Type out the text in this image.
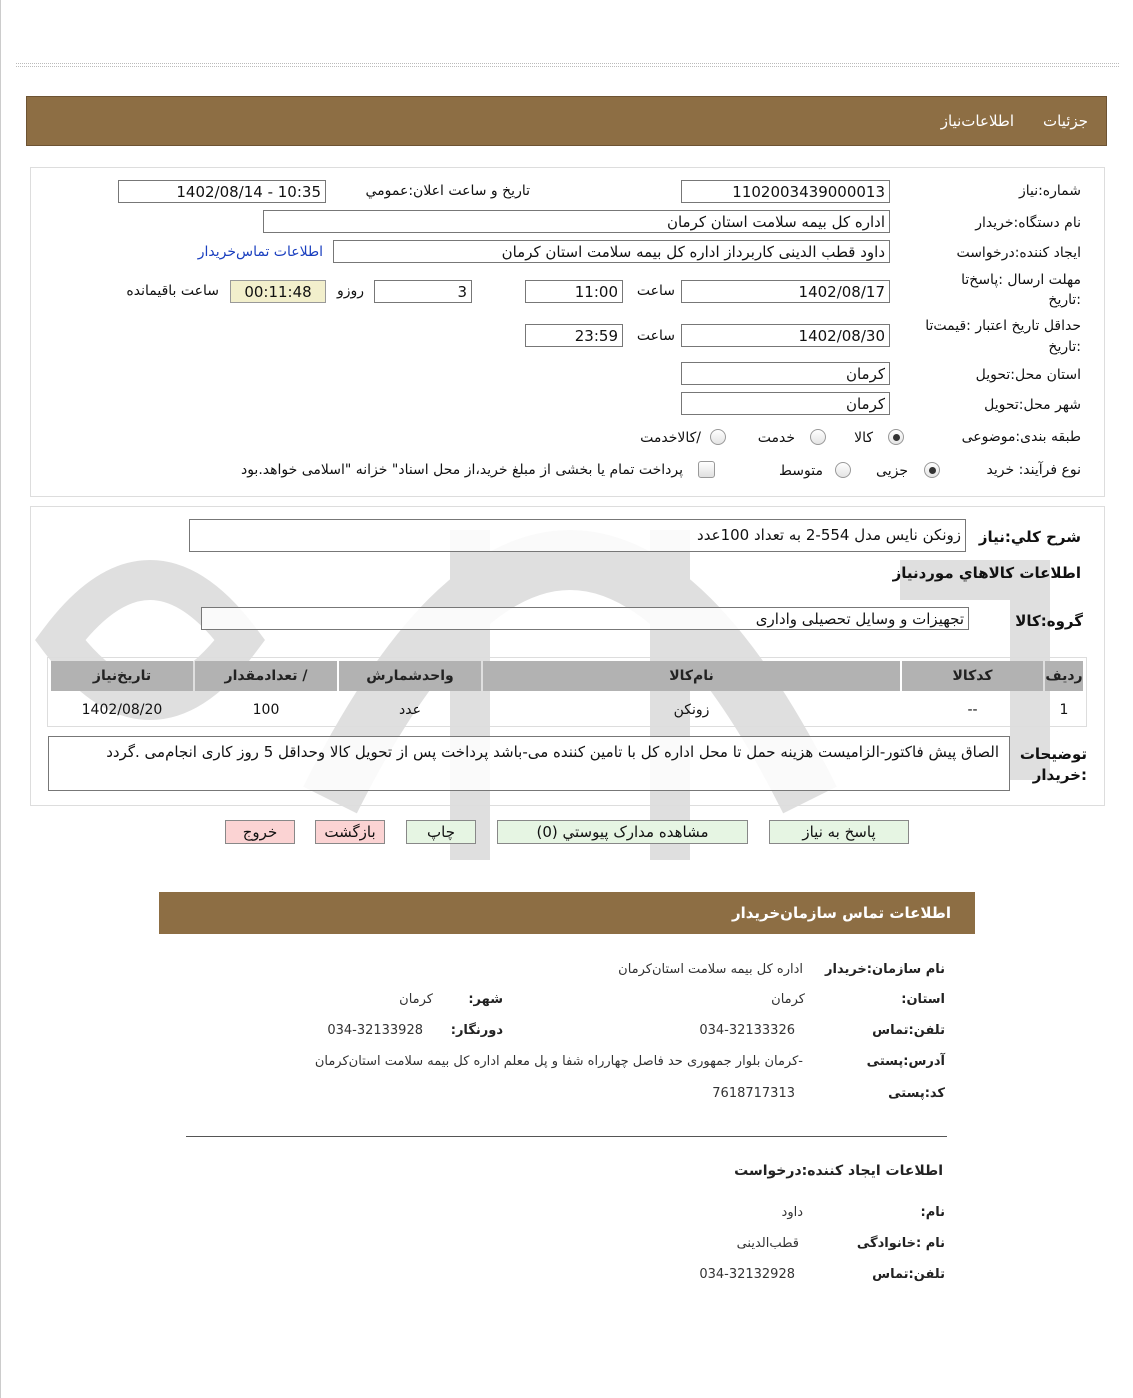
جزئیات
اطلاعات‌نیاز
شماره:نیاز
1102003439000013
تاریخ و ساعت اعلان:عمومي
1402/08/14 - 10:35
نام دستگاه:خریدار
اداره کل بیمه سلامت استان کرمان
ایجاد کننده:درخواست
داود قطب الدینی کاربرداز اداره کل بیمه سلامت استان کرمان
اطلاعات تماس‌خریدار
مهلت ارسال :پاسخ‌تا
:تاریخ
1402/08/17
ساعت
11:00
3
روزو
00:11:48
ساعت باقیمانده
حداقل تاریخ اعتبار :قیمت‌تا
:تاریخ
1402/08/30
ساعت
23:59
استان محل:تحویل
کرمان
شهر محل:تحویل
کرمان
طبقه بندی:موضوعی
کالا
خدمت
/کالاخدمت
نوع فرآیند: خرید
جزیی
متوسط
پرداخت تمام یا بخشی از مبلغ خرید،از محل اسناد" خزانه "اسلامی خواهد.بود
شرح کلي:نیاز
زونکن نایس مدل 554-2 به تعداد 100عدد
اطلاعات کالاهاي موردنیاز
گروه:کالا
تجهیزات و وسایل تحصیلی واداری
ردیف
کدکالا
نام‌کالا
واحدشمارش
/ تعدادمقدار
تاریخ‌نیاز
1
--
زونکن
عدد
100
1402/08/20
توضیحات
:خریدار
الصاق پیش فاکتور-الزامیست هزینه حمل تا محل اداره کل با تامین کننده می-باشد پرداخت پس از تحویل کالا وحداقل 5 روز کاری انجام‌می .گردد
پاسخ به نیاز
مشاهده مدارک پیوستي (0)
چاپ
بازگشت
خروج
اطلاعات تماس سازمان‌خریدار
نام سازمان:خریدار
اداره کل بیمه سلامت استان‌کرمان
استان:
کرمان
شهر:
کرمان
تلفن:تماس
034-32133326
دورنگار:
034-32133928
آدرس:پستی
-کرمان بلوار جمهوری حد فاصل چهارراه شفا و پل معلم اداره کل بیمه سلامت استان‌کرمان
کد:پستی
7618717313
اطلاعات ایجاد کننده:درخواست
نام:
داود
نام :خانوادگی
قطب‌الدینی
تلفن:تماس
034-32132928
